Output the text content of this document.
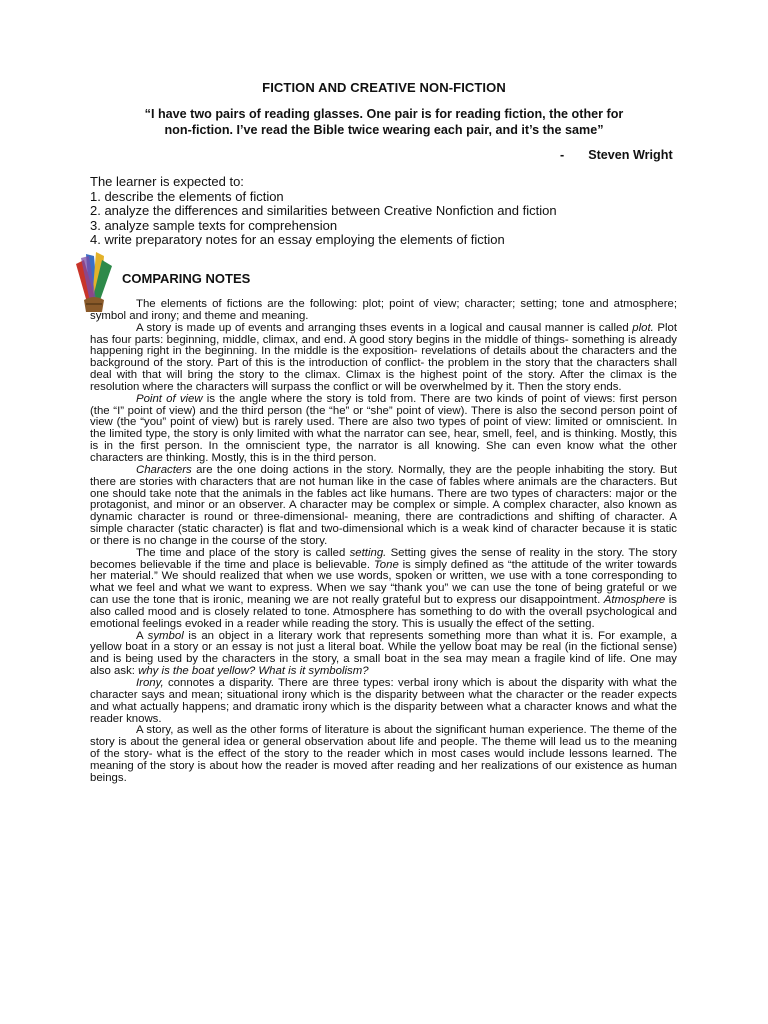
FICTION AND CREATIVE NON-FICTION
“I have two pairs of reading glasses. One pair is for reading fiction, the other for non-fiction. I’ve read the Bible twice wearing each pair, and it’s the same”
- Steven Wright
The learner is expected to:
1. describe the elements of fiction
2. analyze the differences and similarities between Creative Nonfiction and fiction
3. analyze sample texts for comprehension
4. write preparatory notes for an essay employing the elements of fiction
COMPARING NOTES

The elements of fictions are the following: plot; point of view; character; setting; tone and atmosphere; symbol and irony; and theme and meaning.

A story is made up of events and arranging thses events in a logical and causal manner is called plot. Plot has four parts: beginning, middle, climax, and end. A good story begins in the middle of things- something is already happening right in the beginning. In the middle is the exposition- revelations of details about the characters and the background of the story. Part of this is the introduction of conflict- the problem in the story that the characters shall deal with that will bring the story to the climax. Climax is the highest point of the story. After the climax is the resolution where the characters will surpass the conflict or will be overwhelmed by it. Then the story ends.

Point of view is the angle where the story is told from. There are two kinds of point of views: first person (the “I” point of view) and the third person (the “he” or “she” point of view). There is also the second person point of view (the “you” point of view) but is rarely used. There are also two types of point of view: limited or omniscient. In the limited type, the story is only limited with what the narrator can see, hear, smell, feel, and is thinking. Mostly, this is in the first person. In the omniscient type, the narrator is all knowing. She can even know what the other characters are thinking. Mostly, this is in the third person.

Characters are the one doing actions in the story. Normally, they are the people inhabiting the story. But there are stories with characters that are not human like in the case of fables where animals are the characters. But one should take note that the animals in the fables act like humans. There are two types of characters: major or the protagonist, and minor or an observer. A character may be complex or simple. A complex character, also known as dynamic character is round or three-dimensional- meaning, there are contradictions and shifting of character. A simple character (static character) is flat and two-dimensional which is a weak kind of character because it is static or there is no change in the course of the story.

The time and place of the story is called setting. Setting gives the sense of reality in the story. The story becomes believable if the time and place is believable. Tone is simply defined as “the attitude of the writer towards her material.” We should realized that when we use words, spoken or written, we use with a tone corresponding to what we feel and what we want to express. When we say “thank you” we can use the tone of being grateful or we can use the tone that is ironic, meaning we are not really grateful but to express our disappointment. Atmosphere is also called mood and is closely related to tone. Atmosphere has something to do with the overall psychological and emotional feelings evoked in a reader while reading the story. This is usually the effect of the setting.

A symbol is an object in a literary work that represents something more than what it is. For example, a yellow boat in a story or an essay is not just a literal boat. While the yellow boat may be real (in the fictional sense) and is being used by the characters in the story, a small boat in the sea may mean a fragile kind of life. One may also ask: why is the boat yellow? What is it symbolism?

Irony, connotes a disparity. There are three types: verbal irony which is about the disparity with what the character says and mean; situational irony which is the disparity between what the character or the reader expects and what actually happens; and dramatic irony which is the disparity between what a character knows and what the reader knows.

A story, as well as the other forms of literature is about the significant human experience. The theme of the story is about the general idea or general observation about life and people. The theme will lead us to the meaning of the story- what is the effect of the story to the reader which in most cases would include lessons learned. The meaning of the story is about how the reader is moved after reading and her realizations of our existence as human beings.
